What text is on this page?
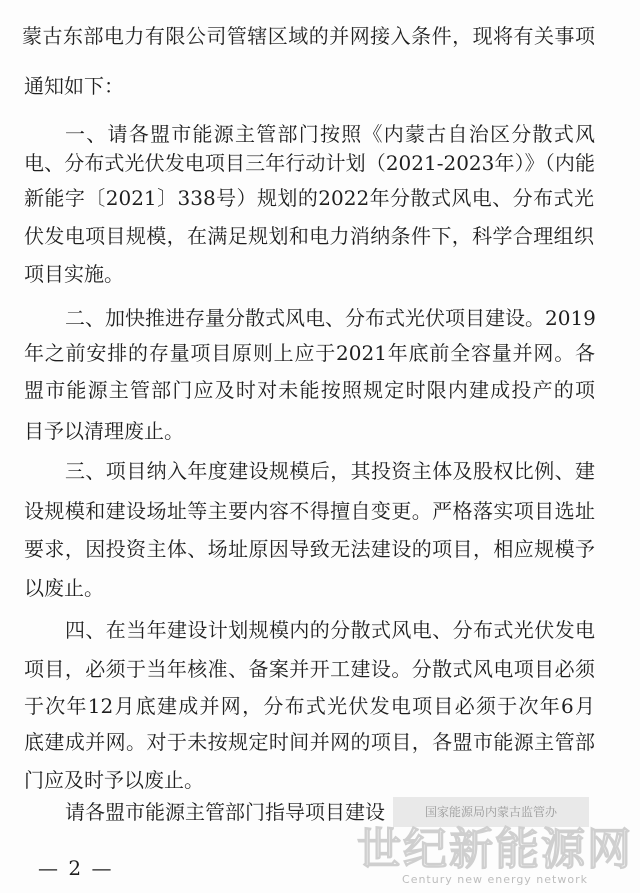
蒙古东部电力有限公司管辖区域的并网接入条件，现将有关事项
通知如下：
一、请各盟市能源主管部门按照《内蒙古自治区分散式风
电、分布式光伏发电项目三年行动计划（2021-2023年）》（内能
新能字〔2021〕338号）规划的2022年分散式风电、分布式光
伏发电项目规模，在满足规划和电力消纳条件下，科学合理组织
项目实施。
二、加快推进存量分散式风电、分布式光伏项目建设。2019
年之前安排的存量项目原则上应于2021年底前全容量并网。各
盟市能源主管部门应及时对未能按照规定时限内建成投产的项
目予以清理废止。
三、项目纳入年度建设规模后，其投资主体及股权比例、建
设规模和建设场址等主要内容不得擅自变更。严格落实项目选址
要求，因投资主体、场址原因导致无法建设的项目，相应规模予
以废止。
四、在当年建设计划规模内的分散式风电、分布式光伏发电
项目，必须于当年核准、备案并开工建设。分散式风电项目必须
于次年12月底建成并网，分布式光伏发电项目必须于次年6月
底建成并网。对于未按规定时间并网的项目，各盟市能源主管部
门应及时予以废止。
请各盟市能源主管部门指导项目建设	国家能源局内蒙古监管办
— 2 —	世纪新能源网
Century new energy network
